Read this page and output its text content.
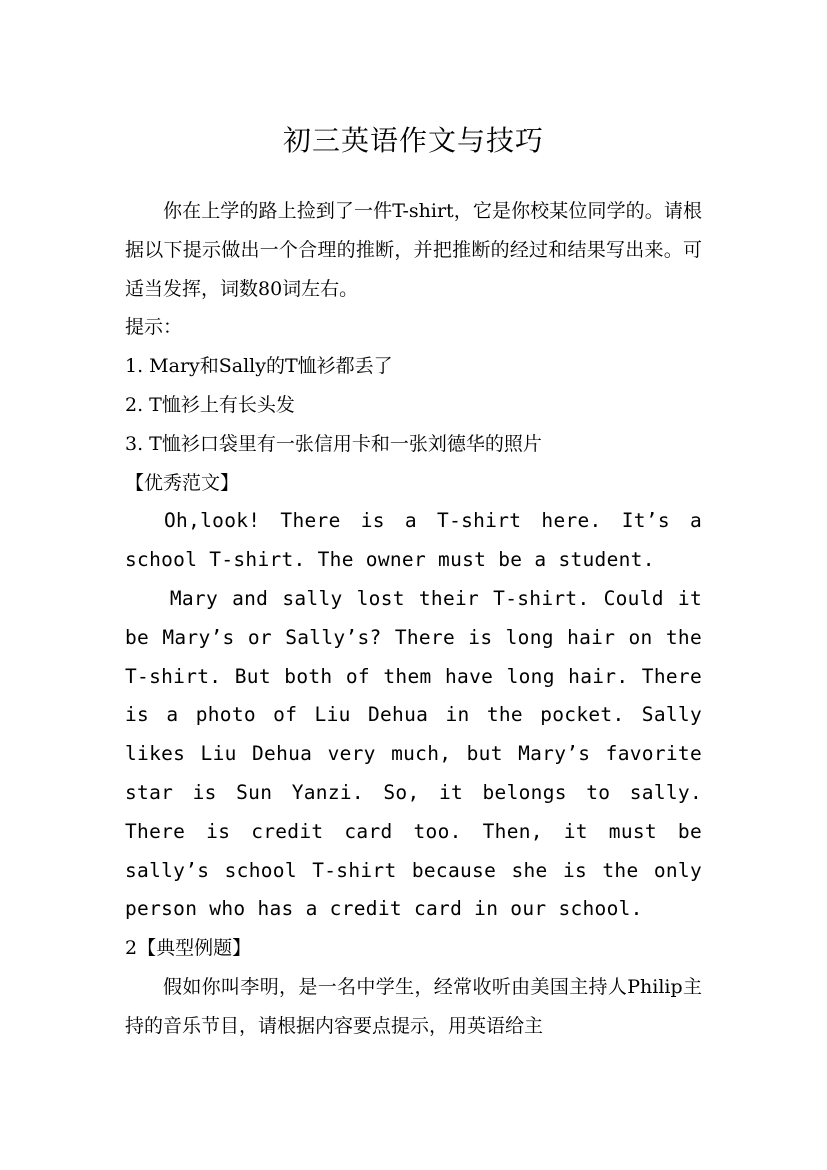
初三英语作文与技巧

你在上学的路上捡到了一件T-shirt，它是你校某位同学的。请根据以下提示做出一个合理的推断，并把推断的经过和结果写出来。可适当发挥，词数80词左右。

提示：

1. Mary和Sally的T恤衫都丢了

2. T恤衫上有长头发

3. T恤衫口袋里有一张信用卡和一张刘德华的照片

【优秀范文】

Oh,look! There is a T-shirt here. It’s a school T-shirt. The owner must be a student.

Mary and sally lost their T-shirt. Could it be Mary’s or Sally’s? There is long hair on the T-shirt. But both of them have long hair. There is a photo of Liu Dehua in the pocket. Sally likes Liu Dehua very much, but Mary’s favorite star is Sun Yanzi. So, it belongs to sally. There is credit card too. Then, it must be sally’s school T-shirt because she is the only person who has a credit card in our school.

2【典型例题】

假如你叫李明，是一名中学生，经常收听由美国主持人Philip主持的音乐节目，请根据内容要点提示，用英语给主
